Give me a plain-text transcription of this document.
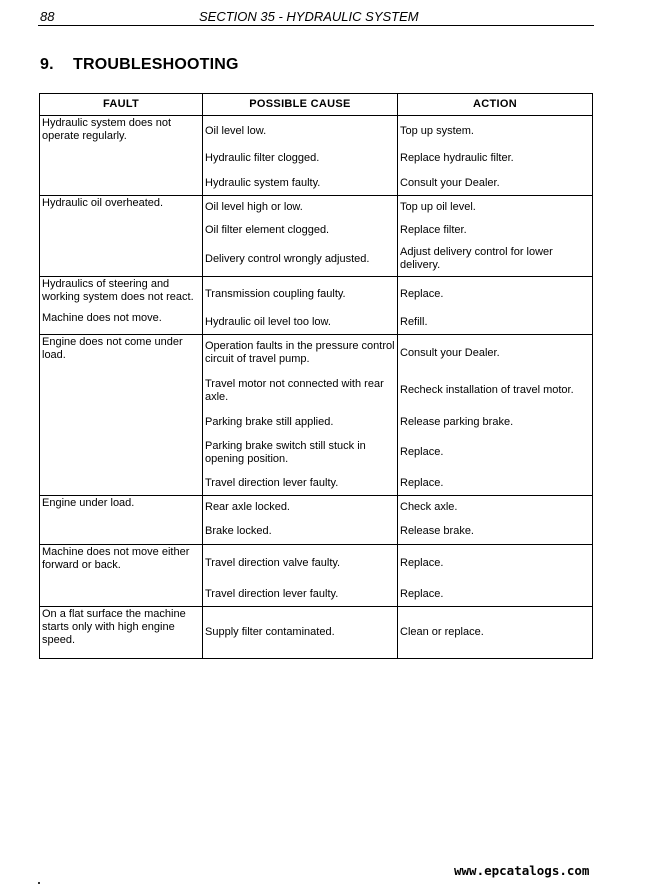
88	SECTION 35 - HYDRAULIC SYSTEM
9. TROUBLESHOOTING
FAULT	POSSIBLE CAUSE	ACTION
Hydraulic system does not operate regularly.	Oil level low.	Top up system.
	Hydraulic filter clogged.	Replace hydraulic filter.
	Hydraulic system faulty.	Consult your Dealer.
Hydraulic oil overheated.	Oil level high or low.	Top up oil level.
	Oil filter element clogged.	Replace filter.
	Delivery control wrongly adjusted.	Adjust delivery control for lower delivery.
Hydraulics of steering and working system does not react.	Transmission coupling faulty.	Replace.
Machine does not move.	Hydraulic oil level too low.	Refill.
Engine does not come under load.	Operation faults in the pressure control circuit of travel pump.	Consult your Dealer.
	Travel motor not connected with rear axle.	Recheck installation of travel motor.
	Parking brake still applied.	Release parking brake.
	Parking brake switch still stuck in opening position.	Replace.
	Travel direction lever faulty.	Replace.
Engine under load.	Rear axle locked.	Check axle.
	Brake locked.	Release brake.
Machine does not move either forward or back.	Travel direction valve faulty.	Replace.
	Travel direction lever faulty.	Replace.
On a flat surface the machine starts only with high engine speed.	Supply filter contaminated.	Clean or replace.
www.epcatalogs.com
